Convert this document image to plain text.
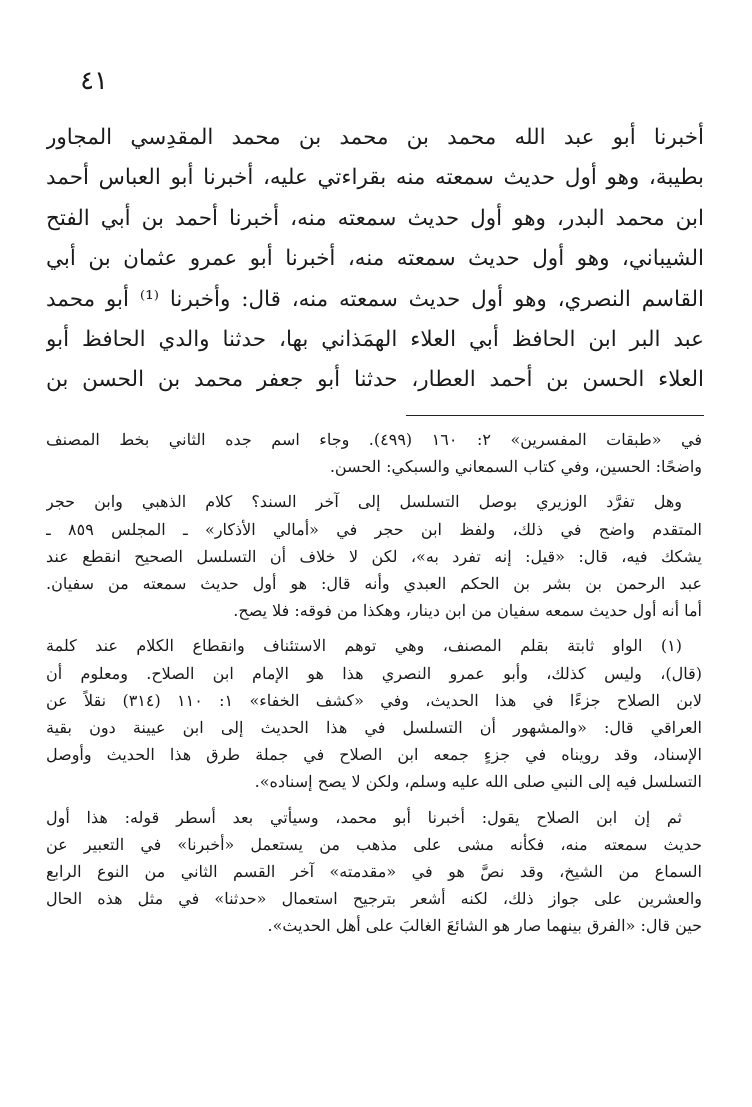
٤١
أخبرنا أبو عبد الله محمد بن محمد بن محمد المقدِسي المجاور
بطيبة، وهو أول حديث سمعته منه بقراءتي عليه، أخبرنا أبو العباس أحمد
ابن محمد البدر، وهو أول حديث سمعته منه، أخبرنا أحمد بن أبي الفتح
الشيباني، وهو أول حديث سمعته منه، أخبرنا أبو عمرو عثمان بن أبي
القاسم النصري، وهو أول حديث سمعته منه، قال: وأخبرنا ⁽¹⁾ أبو محمد
عبد البر ابن الحافظ أبي العلاء الهمَذاني بها، حدثنا والدي الحافظ أبو
العلاء الحسن بن أحمد العطار، حدثنا أبو جعفر محمد بن الحسن بن
في «طبقات المفسرين» ٢: ١٦٠ (٤٩٩). وجاء اسم جده الثاني بخط المصنف
واضحًا: الحسين، وفي كتاب السمعاني والسبكي: الحسن.
وهل تفرَّد الوزيري بوصل التسلسل إلى آخر السند؟ كلام الذهبي وابن حجر
المتقدم واضح في ذلك، ولفظ ابن حجر في «أمالي الأذكار» ـ المجلس ٨٥٩ ـ
يشكك فيه، قال: «قيل: إنه تفرد به»، لكن لا خلاف أن التسلسل الصحيح انقطع عند
عبد الرحمن بن بشر بن الحكم العبدي وأنه قال: هو أول حديث سمعته من سفيان.
أما أنه أول حديث سمعه سفيان من ابن دينار، وهكذا من فوقه: فلا يصح.
(١) الواو ثابتة بقلم المصنف، وهي توهم الاستئناف وانقطاع الكلام عند كلمة
(قال)، وليس كذلك، وأبو عمرو النصري هذا هو الإمام ابن الصلاح. ومعلوم أن
لابن الصلاح جزءًا في هذا الحديث، وفي «كشف الخفاء» ١: ١١٠ (٣١٤) نقلاً عن
العراقي قال: «والمشهور أن التسلسل في هذا الحديث إلى ابن عيينة دون بقية
الإسناد، وقد رويناه في جزءٍ جمعه ابن الصلاح في جملة طرق هذا الحديث وأوصل
التسلسل فيه إلى النبي صلى الله عليه وسلم، ولكن لا يصح إسناده».
ثم إن ابن الصلاح يقول: أخبرنا أبو محمد، وسيأتي بعد أسطر قوله: هذا أول
حديث سمعته منه، فكأنه مشى على مذهب من يستعمل «أخبرنا» في التعبير عن
السماع من الشيخ، وقد نصَّ هو في «مقدمته» آخر القسم الثاني من النوع الرابع
والعشرين على جواز ذلك، لكنه أشعر بترجيح استعمال «حدثنا» في مثل هذه الحال
حين قال: «الفرق بينهما صار هو الشائعَ الغالبَ على أهل الحديث».
